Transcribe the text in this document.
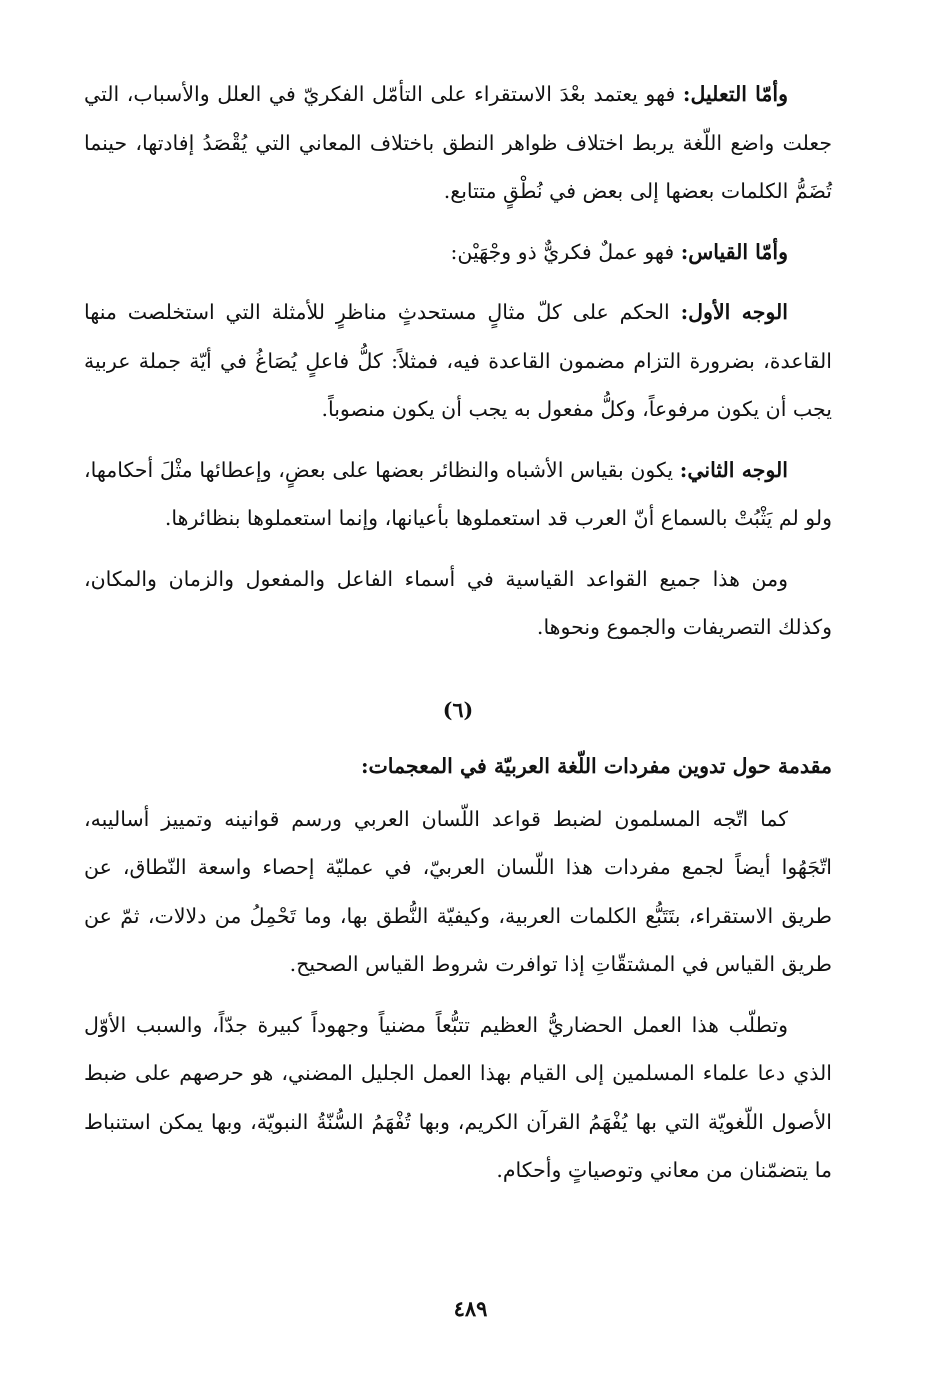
وأمّا التعليل: فهو يعتمد بعْدَ الاستقراء على التأمّل الفكريّ في العلل والأسباب، التي جعلت واضع اللّغة يربط اختلاف ظواهر النطق باختلاف المعاني التي يُقْصَدُ إفادتها، حينما تُضَمُّ الكلمات بعضها إلى بعض في نُطْقٍ متتابع.

وأمّا القياس: فهو عملٌ فكريٌّ ذو وجْهَيْن:

الوجه الأول: الحكم على كلّ مثالٍ مستحدثٍ مناظرٍ للأمثلة التي استخلصت منها القاعدة، بضرورة التزام مضمون القاعدة فيه، فمثلاً: كلُّ فاعلٍ يُصَاغُ في أيّة جملة عربية يجب أن يكون مرفوعاً، وكلُّ مفعول به يجب أن يكون منصوباً.

الوجه الثاني: يكون بقياس الأشباه والنظائر بعضها على بعضٍ، وإعطائها مثْلَ أحكامها، ولو لم يَثْبُتْ بالسماع أنّ العرب قد استعملوها بأعيانها، وإنما استعملوها بنظائرها.

ومن هذا جميع القواعد القياسية في أسماء الفاعل والمفعول والزمان والمكان، وكذلك التصريفات والجموع ونحوها.

(٦)
مقدمة حول تدوين مفردات اللّغة العربيّة في المعجمات:

كما اتّجه المسلمون لضبط قواعد اللّسان العربي ورسم قوانينه وتمييز أساليبه، اتّجَهُوا أيضاً لجمع مفردات هذا اللّسان العربيّ، في عمليّة إحصاء واسعة النّطاق، عن طريق الاستقراء، بتَتَبُّع الكلمات العربية، وكيفيّة النُّطق بها، وما تَحْمِلُ من دلالات، ثمّ عن طريق القياس في المشتقّاتِ إذا توافرت شروط القياس الصحيح.

وتطلّب هذا العمل الحضاريُّ العظيم تتبُّعاً مضنياً وجهوداً كبيرة جدّاً، والسبب الأوّل الذي دعا علماء المسلمين إلى القيام بهذا العمل الجليل المضني، هو حرصهم على ضبط الأصول اللّغويّة التي بها يُفْهَمُ القرآن الكريم، وبها تُفْهَمُ السُّنّةُ النبويّة، وبها يمكن استنباط ما يتضمّنان من معاني وتوصياتٍ وأحكام.

٤٨٩
